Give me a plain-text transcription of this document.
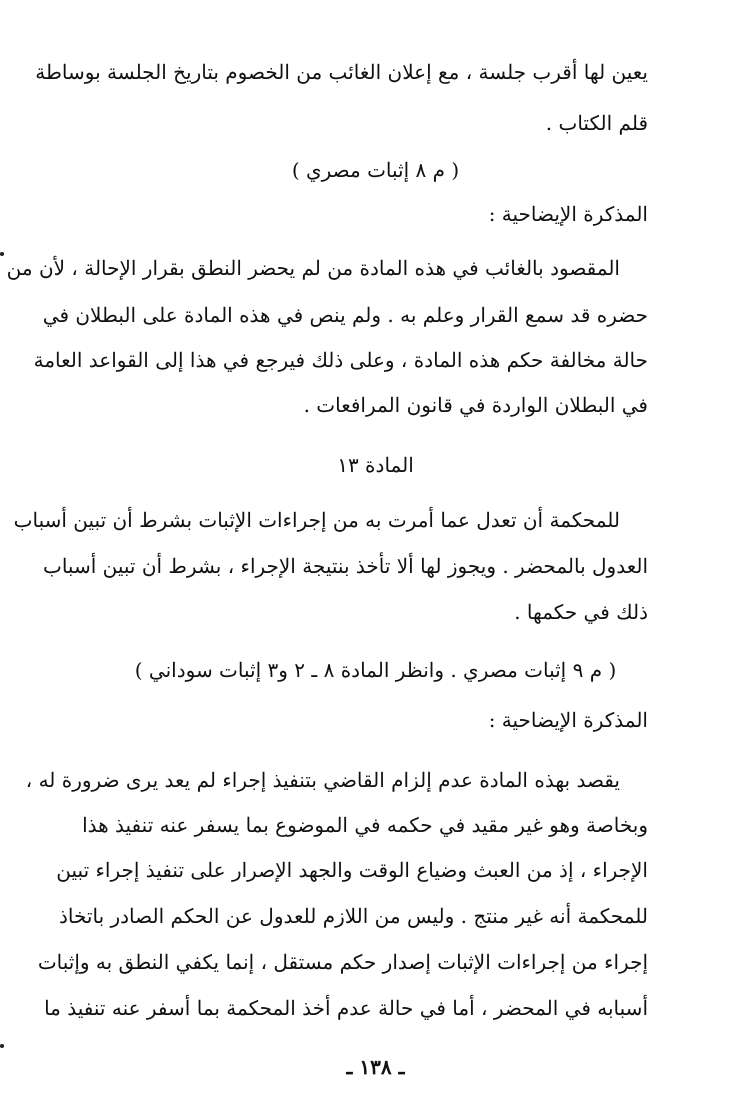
يعين لها أقرب جلسة ، مع إعلان الغائب من الخصوم بتاريخ الجلسة بوساطة
قلم الكتاب .
( م ٨ إثبات مصري )
المذكرة الإيضاحية :
المقصود بالغائب في هذه المادة من لم يحضر النطق بقرار الإحالة ، لأن من
حضره قد سمع القرار وعلم به . ولم ينص في هذه المادة على البطلان في
حالة مخالفة حكم هذه المادة ، وعلى ذلك فيرجع في هذا إلى القواعد العامة
في البطلان الواردة في قانون المرافعات .
المادة ١٣
للمحكمة أن تعدل عما أمرت به من إجراءات الإثبات بشرط أن تبين أسباب
العدول بالمحضر . ويجوز لها ألا تأخذ بنتيجة الإجراء ، بشرط أن تبين أسباب
ذلك في حكمها .
( م ٩ إثبات مصري . وانظر المادة ٨ ـ ٢ و٣ إثبات سوداني )
المذكرة الإيضاحية :
يقصد بهذه المادة عدم إلزام القاضي بتنفيذ إجراء لم يعد يرى ضرورة له ،
وبخاصة وهو غير مقيد في حكمه في الموضوع بما يسفر عنه تنفيذ هذا
الإجراء ، إذ من العبث وضياع الوقت والجهد الإصرار على تنفيذ إجراء تبين
للمحكمة أنه غير منتج . وليس من اللازم للعدول عن الحكم الصادر باتخاذ
إجراء من إجراءات الإثبات إصدار حكم مستقل ، إنما يكفي النطق به وإثبات
أسبابه في المحضر ، أما في حالة عدم أخذ المحكمة بما أسفر عنه تنفيذ ما
ـ ١٣٨ ـ
